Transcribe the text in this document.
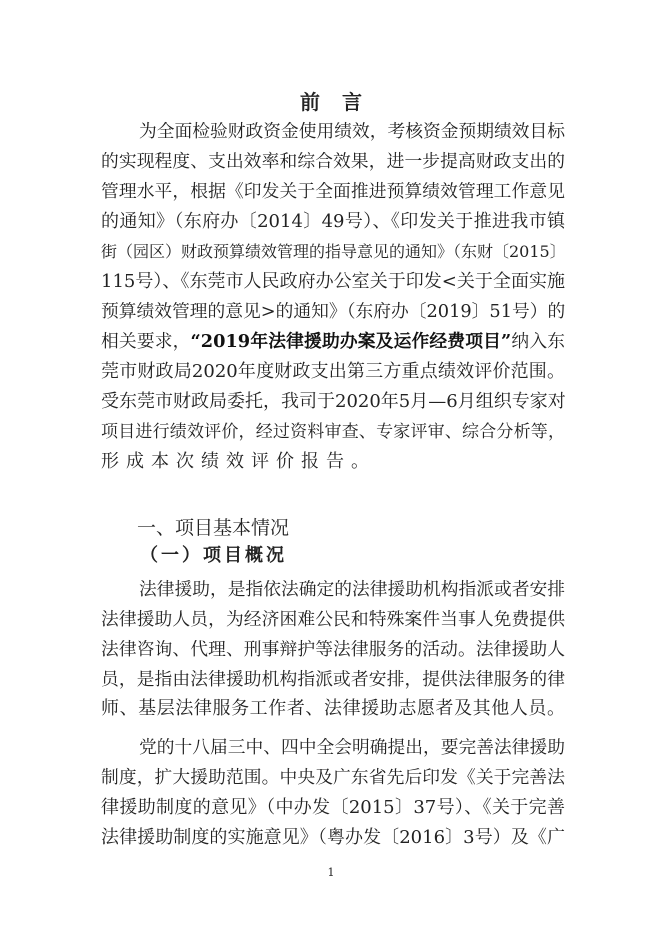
前言
为全面检验财政资金使用绩效，考核资金预期绩效目标
的实现程度、支出效率和综合效果，进一步提高财政支出的
管理水平，根据《印发关于全面推进预算绩效管理工作意见
的通知》（东府办〔2014〕49号）、《印发关于推进我市镇
街（园区）财政预算绩效管理的指导意见的通知》（东财〔2015〕
115号）、《东莞市人民政府办公室关于印发<关于全面实施
预算绩效管理的意见>的通知》（东府办〔2019〕51号）的
相关要求，“2019年法律援助办案及运作经费项目”纳入东
莞市财政局2020年度财政支出第三方重点绩效评价范围。
受东莞市财政局委托，我司于2020年5月—6月组织专家对
项目进行绩效评价，经过资料审查、专家评审、综合分析等，
形成本次绩效评价报告。
一、项目基本情况
（一）项目概况
法律援助，是指依法确定的法律援助机构指派或者安排
法律援助人员，为经济困难公民和特殊案件当事人免费提供
法律咨询、代理、刑事辩护等法律服务的活动。法律援助人
员，是指由法律援助机构指派或者安排，提供法律服务的律
师、基层法律服务工作者、法律援助志愿者及其他人员。
党的十八届三中、四中全会明确提出，要完善法律援助
制度，扩大援助范围。中央及广东省先后印发《关于完善法
律援助制度的意见》（中办发〔2015〕37号）、《关于完善
法律援助制度的实施意见》（粤办发〔2016〕3号）及《广
1
